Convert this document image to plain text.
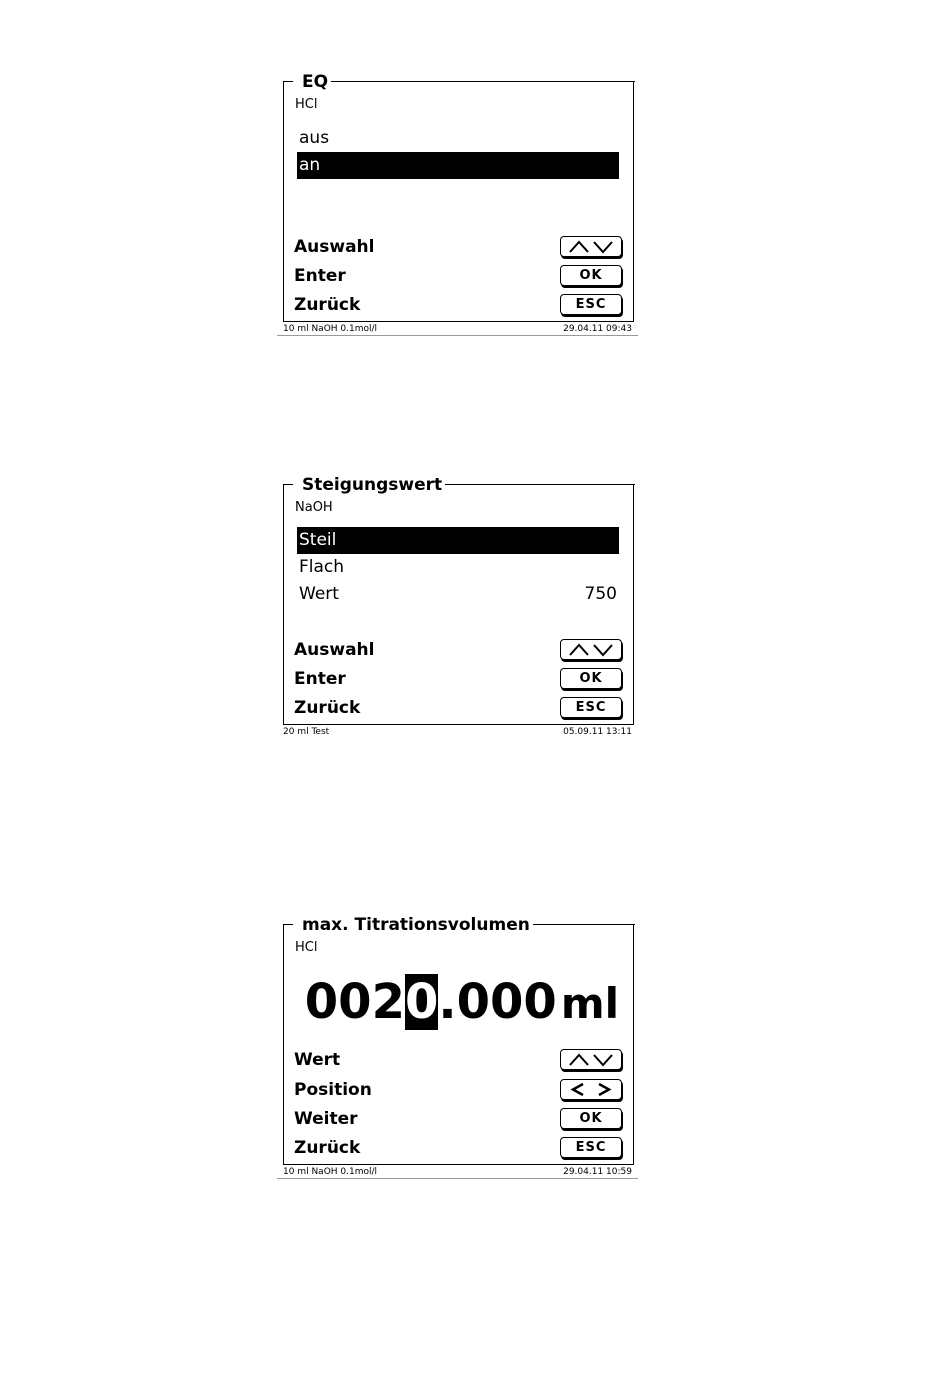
EQ
HCl
aus
an
Auswahl
Enter	OK
Zurück	ESC
10 ml NaOH 0.1mol/l	29.04.11 09:43
Steigungswert
NaOH
Steil
Flach
Wert	750
Auswahl
Enter	OK
Zurück	ESC
20 ml Test	05.09.11 13:11
max. Titrationsvolumen
HCl
0020.000ml
Wert
Position
Weiter	OK
Zurück	ESC
10 ml NaOH 0.1mol/l	29.04.11 10:59
